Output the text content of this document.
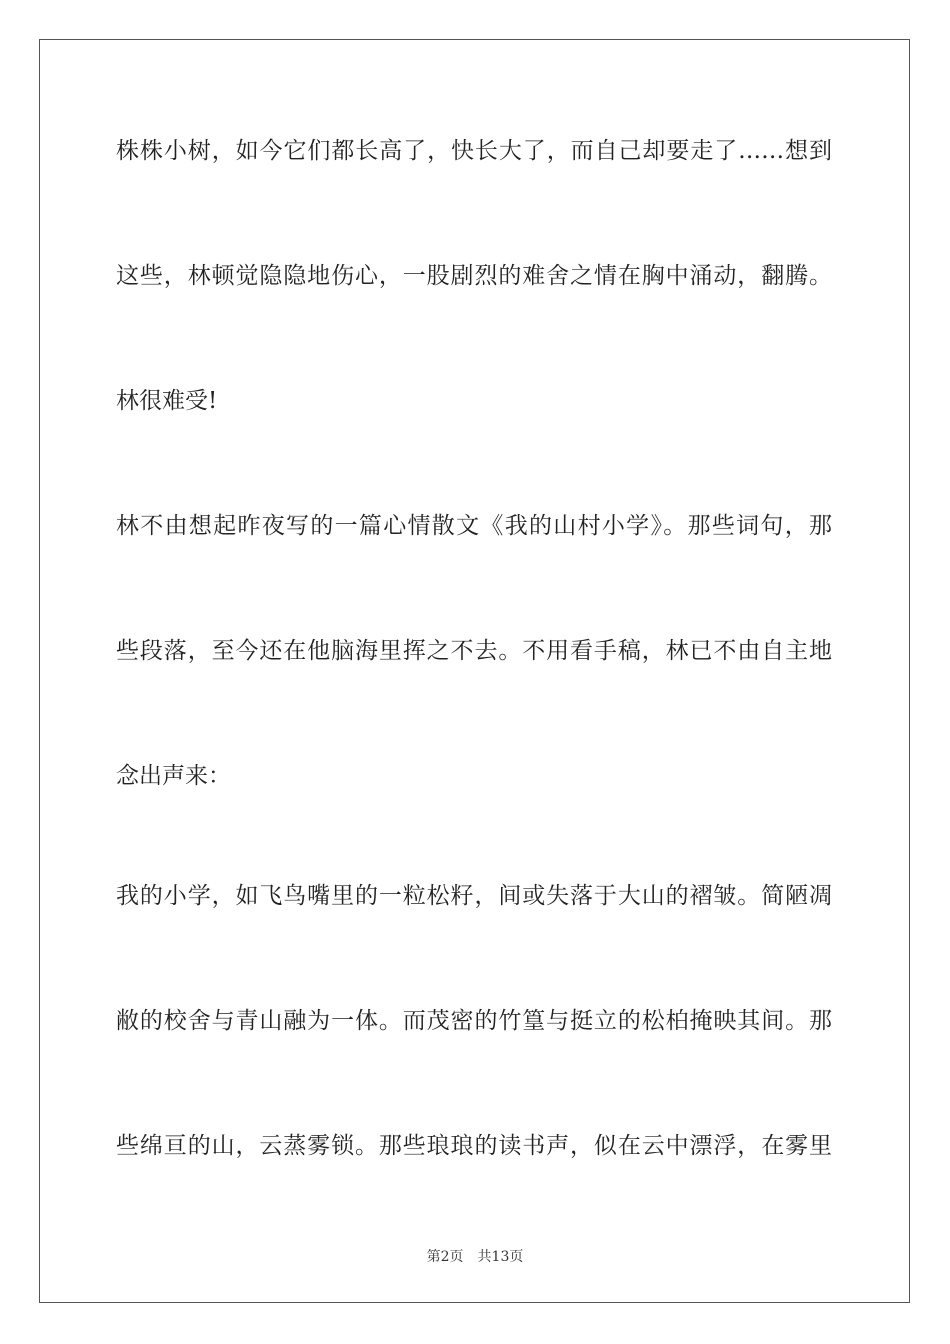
株株小树，如今它们都长高了，快长大了，而自己却要走了……想到
这些，林顿觉隐隐地伤心，一股剧烈的难舍之情在胸中涌动，翻腾。
林很难受!
林不由想起昨夜写的一篇心情散文《我的山村小学》。那些词句，那
些段落，至今还在他脑海里挥之不去。不用看手稿，林已不由自主地
念出声来：
我的小学，如飞鸟嘴里的一粒松籽，间或失落于大山的褶皱。简陋凋
敝的校舍与青山融为一体。而茂密的竹篁与挺立的松柏掩映其间。那
些绵亘的山，云蒸雾锁。那些琅琅的读书声，似在云中漂浮，在雾里
第2页 共13页
